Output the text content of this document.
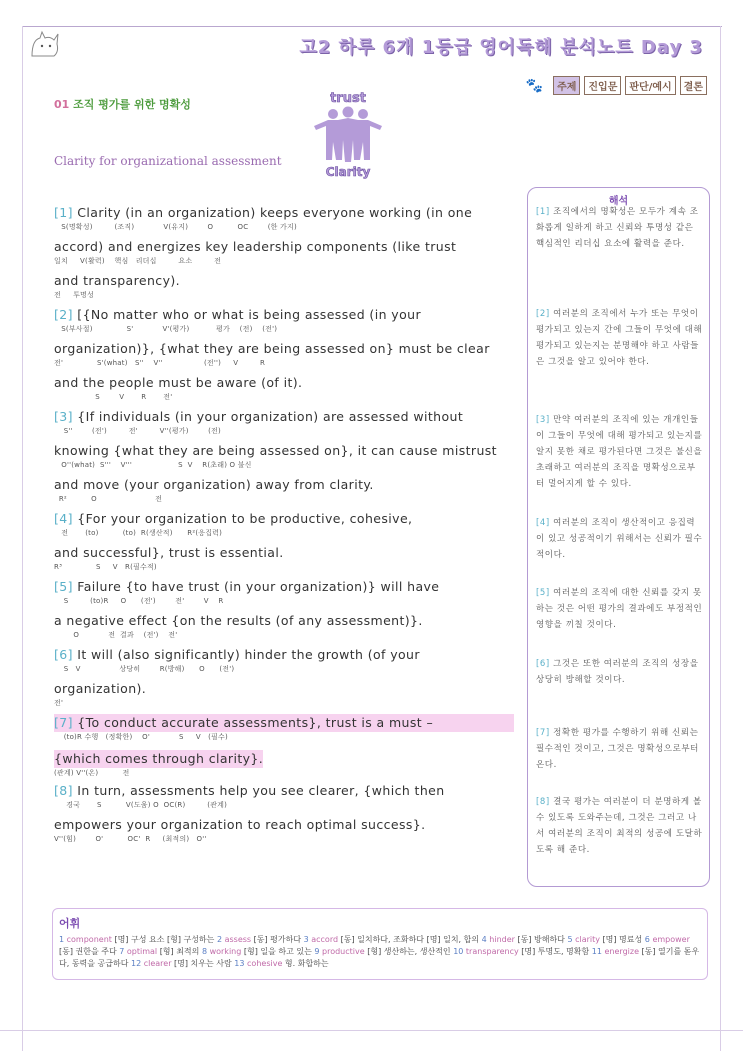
고2 하루 6개 1등급 영어독해 분석노트 Day 3
🐾	주제	진입문	판단/예시	결론
01 조직 평가를 위한 명확성	trust
Clarity
Clarity for organizational assessment
[1] Clarity (in an organization) keeps everyone working (in one
S(명확성)         (조직)            V(유지)        O          OC        (한 가지)
accord) and energizes key leadership components (like trust
일치     V(활력)    핵심   리더십         요소         전
and transparency).
전     투명성
[2] [{No matter who or what is being assessed (in your
S(부사절)              S'            V'(평가)           평가    (전)    (전')
organization)}, {what they are being assessed on} must be clear
전'              S'(what)   S''    V''                 (전'')     V         R
and the people must be aware (of it).
S        V       R       전'
[3] {If individuals (in your organization) are assessed without
S''        (전')         전'         V''(평가)        (전)
knowing {what they are being assessed on}, it can cause mistrust
O''(what)  S'''    V'''                   S  V    R(초래) O 불신
and move (your organization) away from clarity.
R²          O                        전
[4] {For your organization to be productive, cohesive,
전       (to)          (to)  R(생산적)      R²(응집력)
and successful}, trust is essential.
R³              S     V   R(필수적)
[5] Failure {to have trust (in your organization)} will have
S         (to)R     O      (전')        전'        V    R
a negative effect {on the results (of any assessment)}.
O            전  결과    (전')    전'
[6] It will (also significantly) hinder the growth (of your
S   V                상당히        R(방해)      O      (전')
organization).
전'
[7] {To conduct accurate assessments}, trust is a must –
(to)R 수행   (정확한)    O'            S     V   (필수)
{which comes through clarity}.
(관계) V''(온)          전
[8] In turn, assessments help you see clearer, {which then
경국       S          V(도움) O  OC(R)         (관계)
empowers your organization to reach optimal success}.
V''(힘)        O'          OC'  R     (최적의)   O''
해석
[1] 조직에서의 명확성은 모두가 계속 조화롭게 일하게 하고 신뢰와 투명성 같은 핵심적인 리더십 요소에 활력을 준다.
[2] 여러분의 조직에서 누가 또는 무엇이 평가되고 있는지 간에 그들이 무엇에 대해 평가되고 있는지는 분명해야 하고 사람들은 그것을 알고 있어야 한다.
[3] 만약 여러분의 조직에 있는 개개인들이 그들이 무엇에 대해 평가되고 있는지를 알지 못한 채로 평가된다면 그것은 불신을 초래하고 여러분의 조직을 명확성으로부터 멀어지게 할 수 있다.
[4] 여러분의 조직이 생산적이고 응집력이 있고 성공적이기 위해서는 신뢰가 필수적이다.
[5] 여러분의 조직에 대한 신뢰를 갖지 못하는 것은 어떤 평가의 결과에도 부정적인 영향을 끼칠 것이다.
[6] 그것은 또한 여러분의 조직의 성장을 상당히 방해할 것이다.
[7] 정확한 평가를 수행하기 위해 신뢰는 필수적인 것이고, 그것은 명확성으로부터 온다.
[8] 결국 평가는 여러분이 더 분명하게 볼 수 있도록 도와주는데, 그것은 그러고 나서 여러분의 조직이 최적의 성공에 도달하도록 해 준다.
어휘
1 component [명] 구성 요소 [형] 구성하는 2 assess [동] 평가하다 3 accord [동] 일치하다, 조화하다 [명] 일치, 합의 4 hinder [동] 방해하다 5 clarity [명] 명료성 6 empower [동] 권한을 주다 7 optimal [형] 최적의 8 working [형] 일을 하고 있는 9 productive [형] 생산하는, 생산적인 10 transparency [명] 투명도, 명확함 11 energize [동] 열기를 돋우다, 동력을 공급하다 12 clearer [명] 치우는 사람 13 cohesive 형. 화합하는
